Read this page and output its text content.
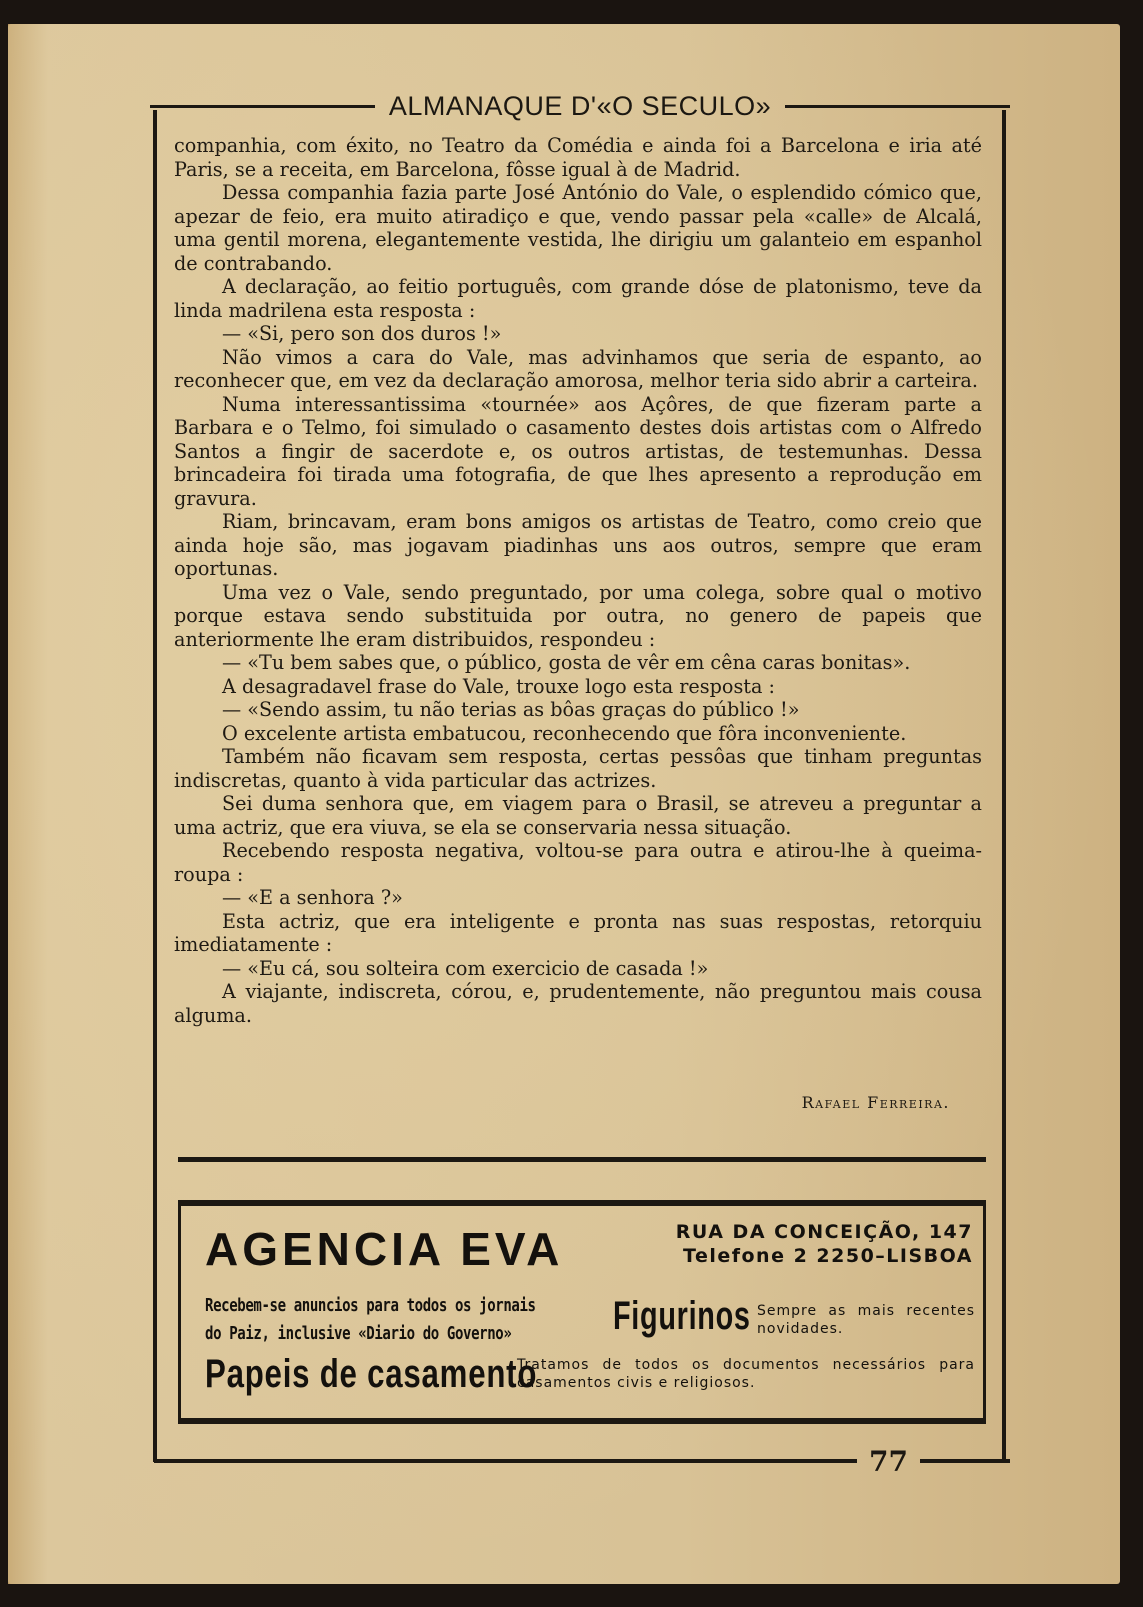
ALMANAQUE D'«O SECULO»

companhia, com éxito, no Teatro da Comédia e ainda foi a Barcelona e iria até Paris, se a receita, em Barcelona, fôsse igual à de Madrid.

Dessa companhia fazia parte José António do Vale, o esplendido cómico que, apezar de feio, era muito atiradiço e que, vendo passar pela «calle» de Alcalá, uma gentil morena, elegantemente vestida, lhe dirigiu um galanteio em espanhol de contrabando.

A declaração, ao feitio português, com grande dóse de platonismo, teve da linda madrilena esta resposta :

— «Si, pero son dos duros !»

Não vimos a cara do Vale, mas advinhamos que seria de espanto, ao reconhecer que, em vez da declaração amorosa, melhor teria sido abrir a carteira.

Numa interessantissima «tournée» aos Açôres, de que fizeram parte a Barbara e o Telmo, foi simulado o casamento destes dois artistas com o Alfredo Santos a fingir de sacerdote e, os outros artistas, de testemunhas. Dessa brincadeira foi tirada uma fotografia, de que lhes apresento a reprodução em gravura.

Riam, brincavam, eram bons amigos os artistas de Teatro, como creio que ainda hoje são, mas jogavam piadinhas uns aos outros, sempre que eram oportunas.

Uma vez o Vale, sendo preguntado, por uma colega, sobre qual o motivo porque estava sendo substituida por outra, no genero de papeis que anteriormente lhe eram distribuidos, respondeu :

— «Tu bem sabes que, o público, gosta de vêr em cêna caras bonitas».

A desagradavel frase do Vale, trouxe logo esta resposta :

— «Sendo assim, tu não terias as bôas graças do público !»

O excelente artista embatucou, reconhecendo que fôra inconveniente.

Também não ficavam sem resposta, certas pessôas que tinham preguntas indiscretas, quanto à vida particular das actrizes.

Sei duma senhora que, em viagem para o Brasil, se atreveu a preguntar a uma actriz, que era viuva, se ela se conservaria nessa situação.

Recebendo resposta negativa, voltou-se para outra e atirou-lhe à queima-roupa :

— «E a senhora ?»

Esta actriz, que era inteligente e pronta nas suas respostas, retorquiu imediatamente :

— «Eu cá, sou solteira com exercicio de casada !»

A viajante, indiscreta, córou, e, prudentemente, não preguntou mais cousa alguma.

Rafael Ferreira.
AGENCIA EVA	RUA DA CONCEIÇÃO, 147
Telefone 2 2250–LISBOA
Recebem-se anuncios para todos os jornais
do Paiz, inclusive «Diario do Governo»	Figurinos Sempre as mais recentes novidades.
Papeis de casamento
Tratamos de todos os documentos necessários para casamentos civis e religiosos.
77
